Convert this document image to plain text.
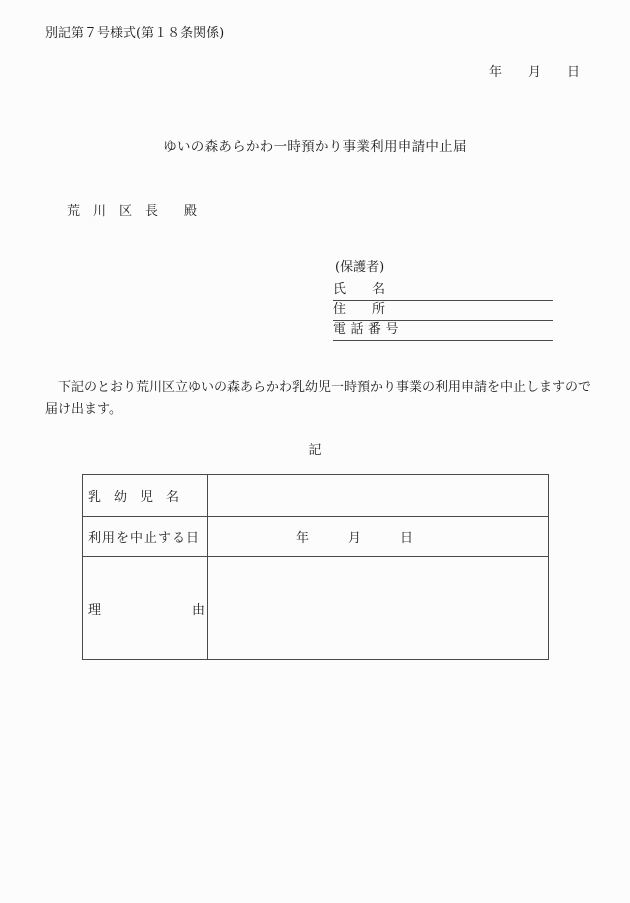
別記第７号様式(第１８条関係)
年　　月　　日
ゆいの森あらかわ一時預かり事業利用申請中止届
荒　川　区　長　　殿
(保護者)
氏　　名
住　　所
電話番号
下記のとおり荒川区立ゆいの森あらかわ乳幼児一時預かり事業の利用申請を中止しますので届け出ます。
記
乳　幼　児　名	
利用を中止する日	年　　　月　　　日
理　　　　　　　由	
